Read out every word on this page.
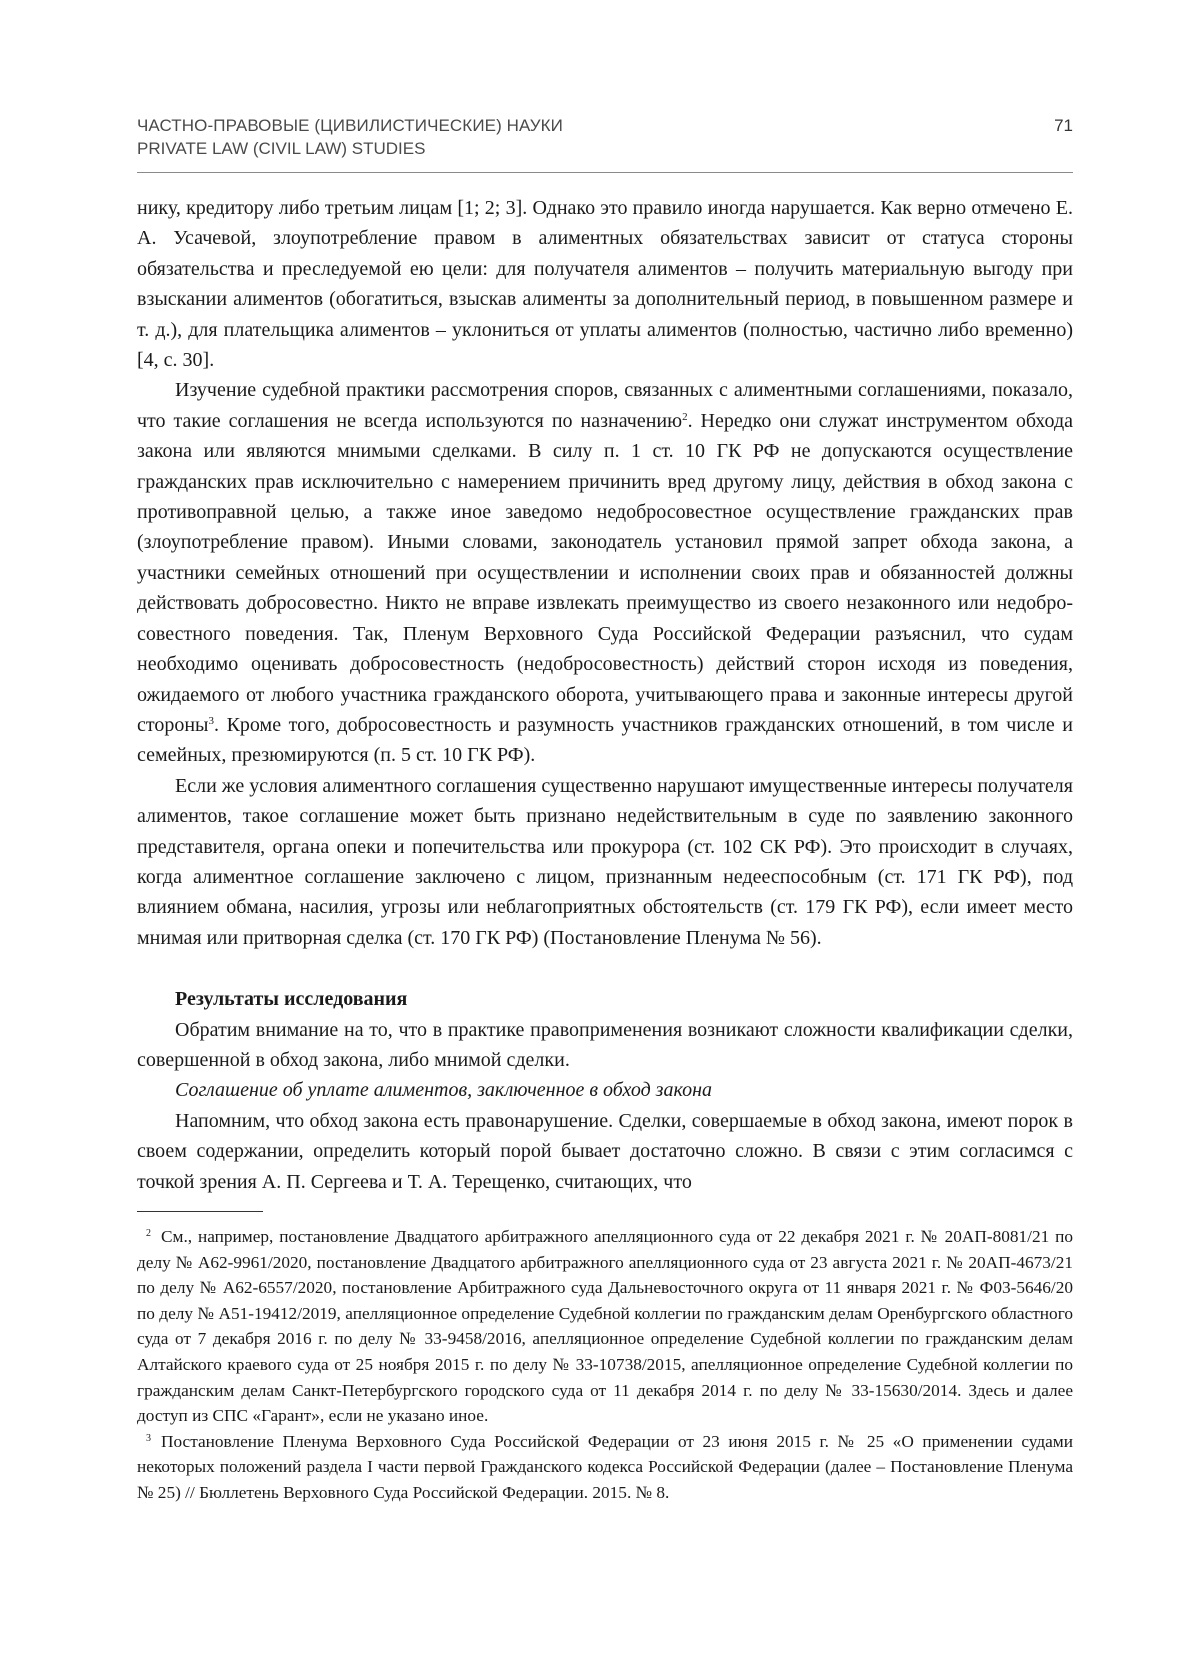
ЧАСТНО-ПРАВОВЫЕ (ЦИВИЛИСТИЧЕСКИЕ) НАУКИ
PRIVATE LAW (CIVIL LAW) STUDIES
71

нику, кредитору либо третьим лицам [1; 2; 3]. Однако это правило иногда нарушается. Как верно отмечено Е. А. Усачевой, злоупотребление правом в алиментных обязательствах зависит от статуса стороны обязательства и преследуемой ею цели: для получателя алиментов – получить материальную выгоду при взыскании алиментов (обогатиться, взыскав алименты за дополнительный период, в повышенном размере и т. д.), для плательщика алиментов – уклониться от уплаты алиментов (полностью, частично либо временно) [4, с. 30].

Изучение судебной практики рассмотрения споров, связанных с алиментными соглашениями, показало, что такие соглашения не всегда используются по назначению$^2$. Нередко они служат инструментом обхода закона или являются мнимыми сделками. В силу п. 1 ст. 10 ГК РФ не допускаются осуществление гражданских прав исключительно с намерением причинить вред другому лицу, действия в обход закона с противоправной целью, а также иное заведомо недобросовестное осуществление гражданских прав (злоупотребление правом). Иными словами, законодатель установил прямой запрет обхода закона, а участники семейных отношений при осуществлении и исполнении своих прав и обязанностей должны действовать добросовестно. Никто не вправе извлекать преимущество из своего незаконного или недобросовестного поведения. Так, Пленум Верховного Суда Российской Федерации разъяснил, что судам необходимо оценивать добросовестность (недобросовестность) действий сторон исходя из поведения, ожидаемого от любого участника гражданского оборота, учитывающего права и законные интересы другой стороны$^3$. Кроме того, добросовестность и разумность участников гражданских отношений, в том числе и семейных, презюмируются (п. 5 ст. 10 ГК РФ).

Если же условия алиментного соглашения существенно нарушают имущественные интересы получателя алиментов, такое соглашение может быть признано недействительным в суде по заявлению законного представителя, органа опеки и попечительства или прокурора (ст. 102 СК РФ). Это происходит в случаях, когда алиментное соглашение заключено с лицом, признанным недееспособным (ст. 171 ГК РФ), под влиянием обмана, насилия, угрозы или неблагоприятных обстоятельств (ст. 179 ГК РФ), если имеет место мнимая или притворная сделка (ст. 170 ГК РФ) (Постановление Пленума № 56).

Результаты исследования

Обратим внимание на то, что в практике правоприменения возникают сложности квалификации сделки, совершенной в обход закона, либо мнимой сделки.

Соглашение об уплате алиментов, заключенное в обход закона

Напомним, что обход закона есть правонарушение. Сделки, совершаемые в обход закона, имеют порок в своем содержании, определить который порой бывает достаточно сложно. В связи с этим согласимся с точкой зрения А. П. Сергеева и Т. А. Терещенко, считающих, что

$^2$ См., например, постановление Двадцатого арбитражного апелляционного суда от 22 декабря 2021 г. № 20АП-8081/21 по делу № А62-9961/2020, постановление Двадцатого арбитражного апелляционного суда от 23 августа 2021 г. № 20АП-4673/21 по делу № А62-6557/2020, постановление Арбитражного суда Дальневосточного округа от 11 января 2021 г. № Ф03-5646/20 по делу № А51-19412/2019, апелляционное определение Судебной коллегии по гражданским делам Оренбургского областного суда от 7 декабря 2016 г. по делу № 33-9458/2016, апелляционное определение Судебной коллегии по гражданским делам Алтайского краевого суда от 25 ноября 2015 г. по делу № 33-10738/2015, апелляционное определение Судебной коллегии по гражданским делам Санкт-Петербургского городского суда от 11 декабря 2014 г. по делу № 33-15630/2014. Здесь и далее доступ из СПС «Гарант», если не указано иное.

$^3$ Постановление Пленума Верховного Суда Российской Федерации от 23 июня 2015 г. № 25 «О применении судами некоторых положений раздела I части первой Гражданского кодекса Российской Федерации (далее – Постановление Пленума № 25) // Бюллетень Верховного Суда Российской Федерации. 2015. № 8.
